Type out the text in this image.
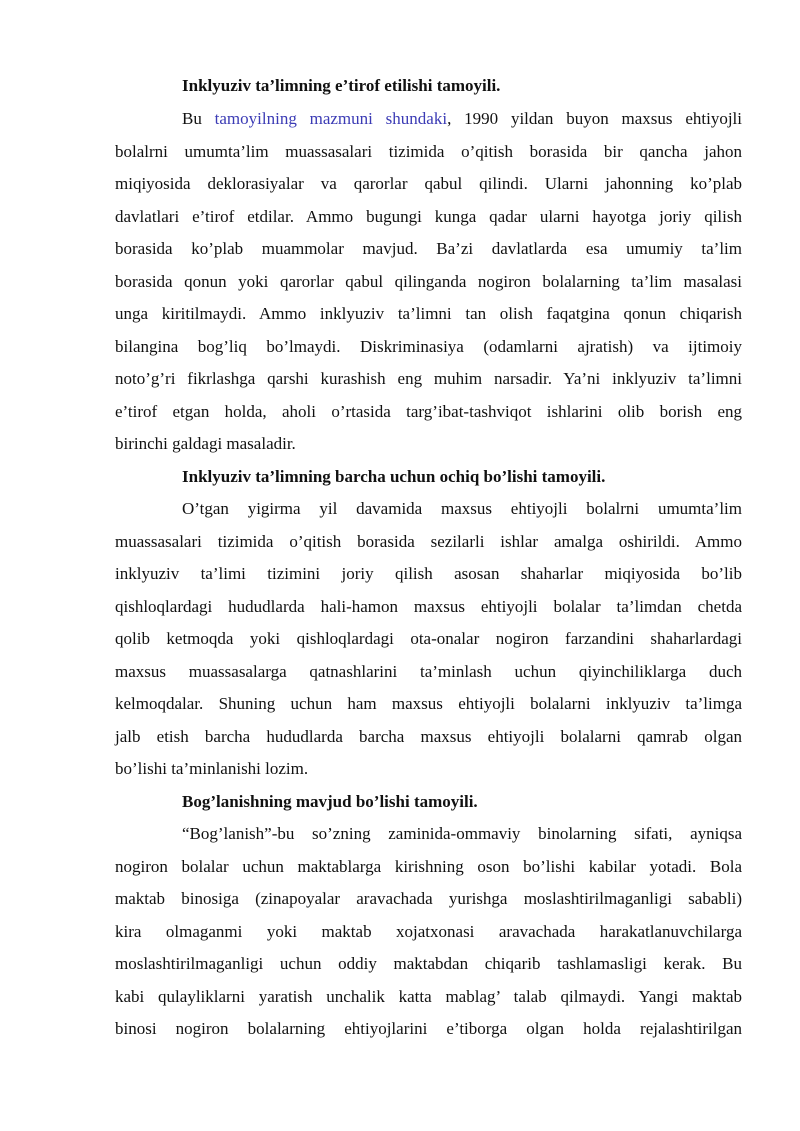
Inklyuziv ta’limning e’tirof etilishi tamoyili.
Bu tamoyilning mazmuni shundaki, 1990 yildan buyon maxsus ehtiyojli
bolalrni umumta’lim muassasalari tizimida o’qitish borasida bir qancha jahon
miqiyosida deklorasiyalar va qarorlar qabul qilindi. Ularni jahonning ko’plab
davlatlari e’tirof etdilar. Ammo bugungi kunga qadar ularni hayotga joriy qilish
borasida ko’plab muammolar mavjud. Ba’zi davlatlarda esa umumiy ta’lim
borasida qonun yoki qarorlar qabul qilinganda nogiron bolalarning ta’lim masalasi
unga kiritilmaydi. Ammo inklyuziv ta’limni tan olish faqatgina qonun chiqarish
bilangina bog’liq bo’lmaydi. Diskriminasiya (odamlarni ajratish) va ijtimoiy
noto’g’ri fikrlashga qarshi kurashish eng muhim narsadir. Ya’ni inklyuziv ta’limni
e’tirof etgan holda, aholi o’rtasida targ’ibat-tashviqot ishlarini olib borish eng
birinchi galdagi masaladir.
Inklyuziv ta’limning barcha uchun ochiq bo’lishi tamoyili.
O’tgan yigirma yil davamida maxsus ehtiyojli bolalrni umumta’lim
muassasalari tizimida o’qitish borasida sezilarli ishlar amalga oshirildi. Ammo
inklyuziv ta’limi tizimini joriy qilish asosan shaharlar miqiyosida bo’lib
qishloqlardagi hududlarda hali-hamon maxsus ehtiyojli bolalar ta’limdan chetda
qolib ketmoqda yoki qishloqlardagi ota-onalar nogiron farzandini shaharlardagi
maxsus muassasalarga qatnashlarini ta’minlash uchun qiyinchiliklarga duch
kelmoqdalar. Shuning uchun ham maxsus ehtiyojli bolalarni inklyuziv ta’limga
jalb etish barcha hududlarda barcha maxsus ehtiyojli bolalarni qamrab olgan
bo’lishi ta’minlanishi lozim.
Bog’lanishning mavjud bo’lishi tamoyili.
“Bog’lanish”-bu so’zning zaminida-ommaviy binolarning sifati, ayniqsa
nogiron bolalar uchun maktablarga kirishning oson bo’lishi kabilar yotadi. Bola
maktab binosiga (zinapoyalar aravachada yurishga moslashtirilmaganligi sababli)
kira olmaganmi yoki maktab xojatxonasi aravachada harakatlanuvchilarga
moslashtirilmaganligi uchun oddiy maktabdan chiqarib tashlamasligi kerak. Bu
kabi qulayliklarni yaratish unchalik katta mablag’ talab qilmaydi. Yangi maktab
binosi nogiron bolalarning ehtiyojlarini e’tiborga olgan holda rejalashtirilgan
